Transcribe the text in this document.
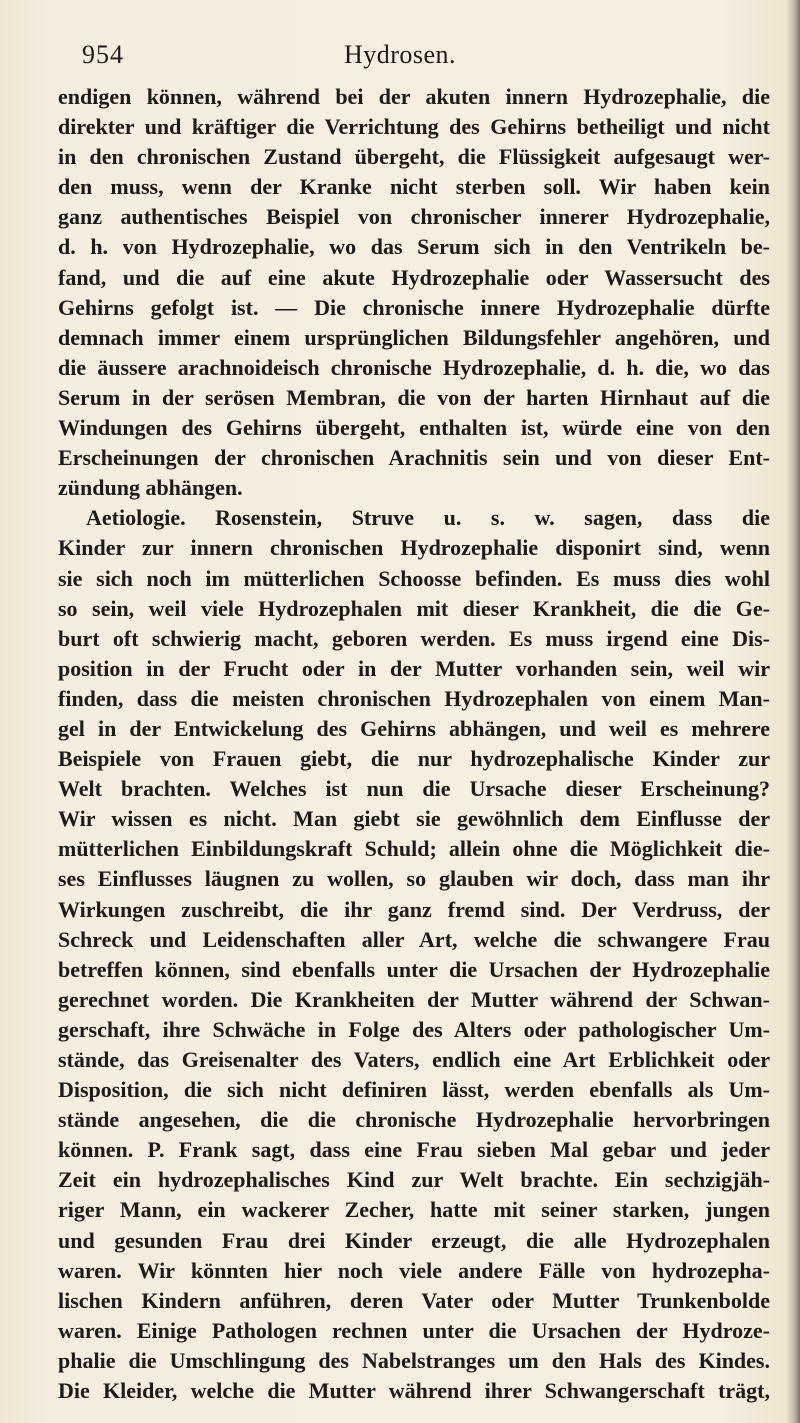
954	Hydrosen.
endigen können, während bei der akuten innern Hydrozephalie, die
direkter und kräftiger die Verrichtung des Gehirns betheiligt und nicht
in den chronischen Zustand übergeht, die Flüssigkeit aufgesaugt wer-
den muss, wenn der Kranke nicht sterben soll. Wir haben kein
ganz authentisches Beispiel von chronischer innerer Hydrozephalie,
d. h. von Hydrozephalie, wo das Serum sich in den Ventrikeln be-
fand, und die auf eine akute Hydrozephalie oder Wassersucht des
Gehirns gefolgt ist. — Die chronische innere Hydrozephalie dürfte
demnach immer einem ursprünglichen Bildungsfehler angehören, und
die äussere arachnoideisch chronische Hydrozephalie, d. h. die, wo das
Serum in der serösen Membran, die von der harten Hirnhaut auf die
Windungen des Gehirns übergeht, enthalten ist, würde eine von den
Erscheinungen der chronischen Arachnitis sein und von dieser Ent-
zündung abhängen.
Aetiologie. Rosenstein, Struve u. s. w. sagen, dass die
Kinder zur innern chronischen Hydrozephalie disponirt sind, wenn
sie sich noch im mütterlichen Schoosse befinden. Es muss dies wohl
so sein, weil viele Hydrozephalen mit dieser Krankheit, die die Ge-
burt oft schwierig macht, geboren werden. Es muss irgend eine Dis-
position in der Frucht oder in der Mutter vorhanden sein, weil wir
finden, dass die meisten chronischen Hydrozephalen von einem Man-
gel in der Entwickelung des Gehirns abhängen, und weil es mehrere
Beispiele von Frauen giebt, die nur hydrozephalische Kinder zur
Welt brachten. Welches ist nun die Ursache dieser Erscheinung?
Wir wissen es nicht. Man giebt sie gewöhnlich dem Einflusse der
mütterlichen Einbildungskraft Schuld; allein ohne die Möglichkeit die-
ses Einflusses läugnen zu wollen, so glauben wir doch, dass man ihr
Wirkungen zuschreibt, die ihr ganz fremd sind. Der Verdruss, der
Schreck und Leidenschaften aller Art, welche die schwangere Frau
betreffen können, sind ebenfalls unter die Ursachen der Hydrozephalie
gerechnet worden. Die Krankheiten der Mutter während der Schwan-
gerschaft, ihre Schwäche in Folge des Alters oder pathologischer Um-
stände, das Greisenalter des Vaters, endlich eine Art Erblichkeit oder
Disposition, die sich nicht definiren lässt, werden ebenfalls als Um-
stände angesehen, die die chronische Hydrozephalie hervorbringen
können. P. Frank sagt, dass eine Frau sieben Mal gebar und jeder
Zeit ein hydrozephalisches Kind zur Welt brachte. Ein sechzigjäh-
riger Mann, ein wackerer Zecher, hatte mit seiner starken, jungen
und gesunden Frau drei Kinder erzeugt, die alle Hydrozephalen
waren. Wir könnten hier noch viele andere Fälle von hydrozepha-
lischen Kindern anführen, deren Vater oder Mutter Trunkenbolde
waren. Einige Pathologen rechnen unter die Ursachen der Hydroze-
phalie die Umschlingung des Nabelstranges um den Hals des Kindes.
Die Kleider, welche die Mutter während ihrer Schwangerschaft trägt,
